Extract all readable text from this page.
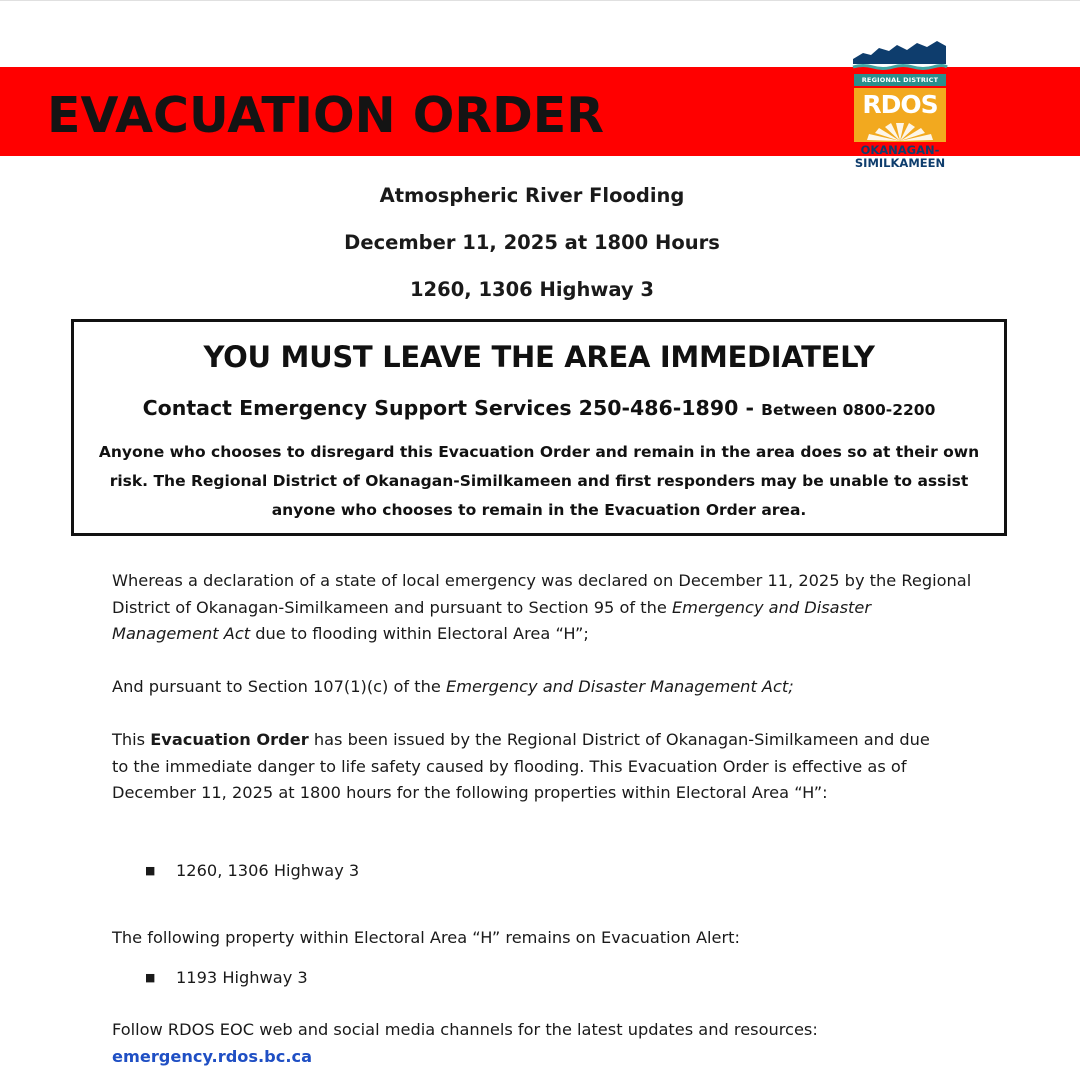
EVACUATION ORDER
REGIONAL DISTRICT
RDOS
OKANAGAN-
SIMILKAMEEN

Atmospheric River Flooding

December 11, 2025 at 1800 Hours

1260, 1306 Highway 3

YOU MUST LEAVE THE AREA IMMEDIATELY
Contact Emergency Support Services 250-486-1890 - Between 0800-2200

Anyone who chooses to disregard this Evacuation Order and remain in the area does so at their own risk. The Regional District of Okanagan-Similkameen and first responders may be unable to assist anyone who chooses to remain in the Evacuation Order area.

Whereas a declaration of a state of local emergency was declared on December 11, 2025 by the Regional District of Okanagan-Similkameen and pursuant to Section 95 of the Emergency and Disaster Management Act due to flooding within Electoral Area “H”;

And pursuant to Section 107(1)(c) of the Emergency and Disaster Management Act;

This Evacuation Order has been issued by the Regional District of Okanagan-Similkameen and due to the immediate danger to life safety caused by flooding. This Evacuation Order is effective as of December 11, 2025 at 1800 hours for the following properties within Electoral Area “H”:

■ 1260, 1306 Highway 3

The following property within Electoral Area “H” remains on Evacuation Alert:

■ 1193 Highway 3

Follow RDOS EOC web and social media channels for the latest updates and resources:

emergency.rdos.bc.ca
